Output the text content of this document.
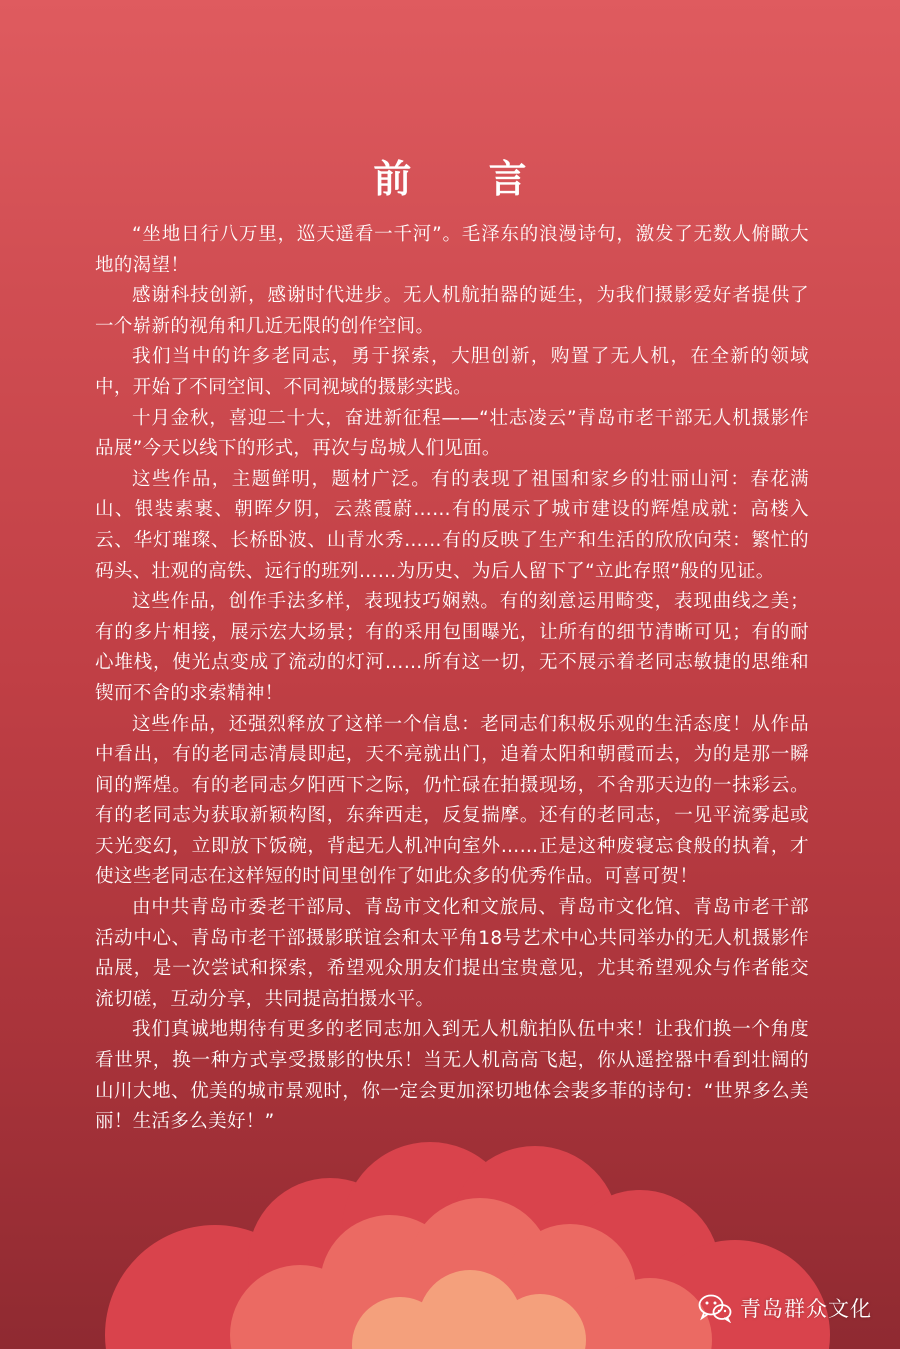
前 言

“坐地日行八万里，巡天遥看一千河”。毛泽东的浪漫诗句，激发了无数人俯瞰大地的渴望！

感谢科技创新，感谢时代进步。无人机航拍器的诞生，为我们摄影爱好者提供了一个崭新的视角和几近无限的创作空间。

我们当中的许多老同志，勇于探索，大胆创新，购置了无人机，在全新的领域中，开始了不同空间、不同视域的摄影实践。

十月金秋，喜迎二十大，奋进新征程——“壮志凌云”青岛市老干部无人机摄影作品展”今天以线下的形式，再次与岛城人们见面。

这些作品，主题鲜明，题材广泛。有的表现了祖国和家乡的壮丽山河：春花满山、银装素裹、朝晖夕阴，云蒸霞蔚……有的展示了城市建设的辉煌成就：高楼入云、华灯璀璨、长桥卧波、山青水秀……有的反映了生产和生活的欣欣向荣：繁忙的码头、壮观的高铁、远行的班列……为历史、为后人留下了“立此存照”般的见证。

这些作品，创作手法多样，表现技巧娴熟。有的刻意运用畸变，表现曲线之美；有的多片相接，展示宏大场景；有的采用包围曝光，让所有的细节清晰可见；有的耐心堆栈，使光点变成了流动的灯河……所有这一切，无不展示着老同志敏捷的思维和锲而不舍的求索精神！

这些作品，还强烈释放了这样一个信息：老同志们积极乐观的生活态度！从作品中看出，有的老同志清晨即起，天不亮就出门，追着太阳和朝霞而去，为的是那一瞬间的辉煌。有的老同志夕阳西下之际，仍忙碌在拍摄现场，不舍那天边的一抹彩云。有的老同志为获取新颖构图，东奔西走，反复揣摩。还有的老同志，一见平流雾起或天光变幻，立即放下饭碗，背起无人机冲向室外……正是这种废寝忘食般的执着，才使这些老同志在这样短的时间里创作了如此众多的优秀作品。可喜可贺！

由中共青岛市委老干部局、青岛市文化和文旅局、青岛市文化馆、青岛市老干部活动中心、青岛市老干部摄影联谊会和太平角18号艺术中心共同举办的无人机摄影作品展，是一次尝试和探索，希望观众朋友们提出宝贵意见，尤其希望观众与作者能交流切磋，互动分享，共同提高拍摄水平。

我们真诚地期待有更多的老同志加入到无人机航拍队伍中来！让我们换一个角度看世界，换一种方式享受摄影的快乐！当无人机高高飞起，你从遥控器中看到壮阔的山川大地、优美的城市景观时，你一定会更加深切地体会裴多菲的诗句：“世界多么美丽！生活多么美好！”

青岛群众文化
